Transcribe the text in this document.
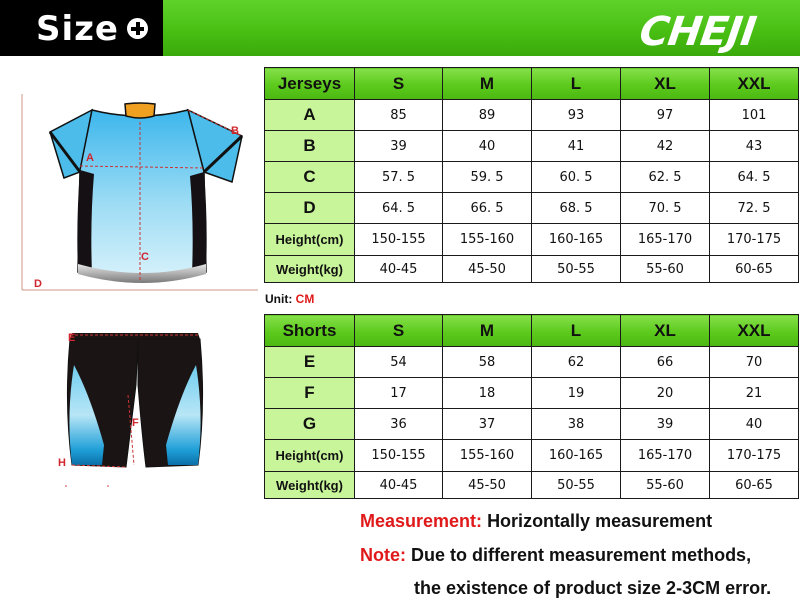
Size	CHEJI
A
B
C
D
E
F
H
Jerseys	S	M	L	XL	XXL
A	85	89	93	97	101
B	39	40	41	42	43
C	57. 5	59. 5	60. 5	62. 5	64. 5
D	64. 5	66. 5	68. 5	70. 5	72. 5
Height(cm)	150-155	155-160	160-165	165-170	170-175
Weight(kg)	40-45	45-50	50-55	55-60	60-65
Unit: CM
Shorts	S	M	L	XL	XXL
E	54	58	62	66	70
F	17	18	19	20	21
G	36	37	38	39	40
Height(cm)	150-155	155-160	160-165	165-170	170-175
Weight(kg)	40-45	45-50	50-55	55-60	60-65
Measurement: Horizontally measurement
Note: Due to different measurement methods,
the existence of product size 2-3CM error.
